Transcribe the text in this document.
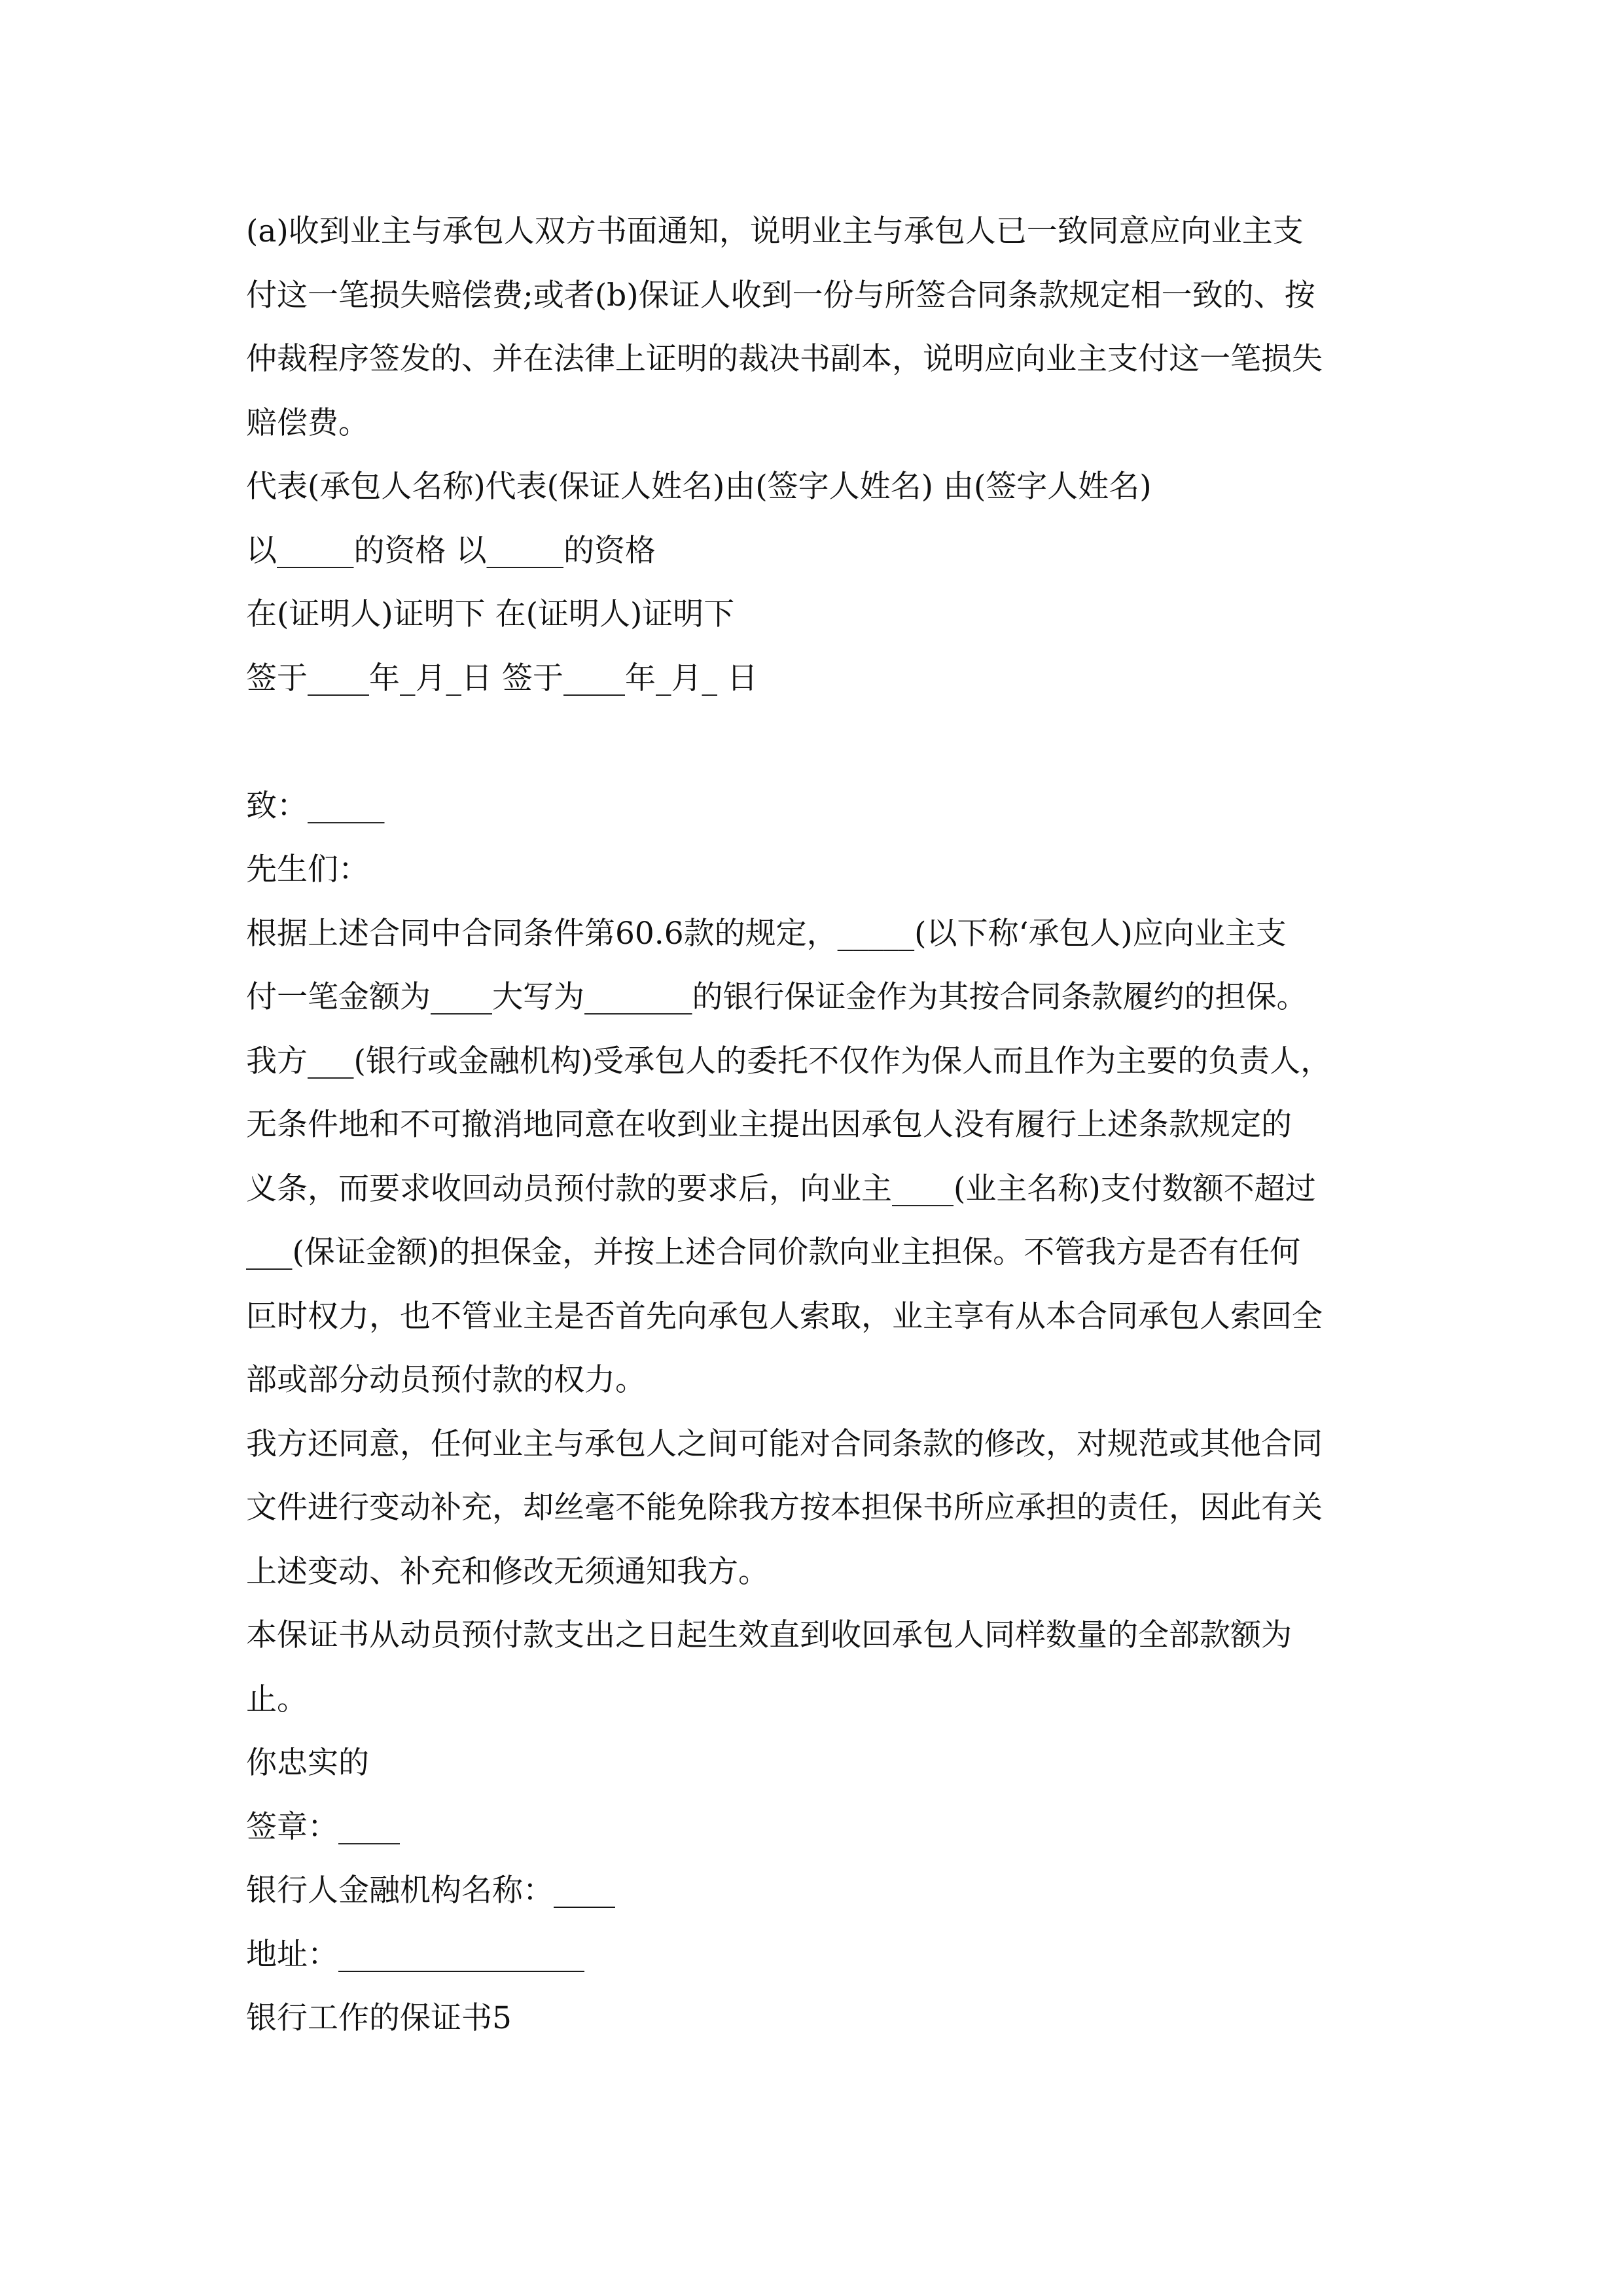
(a)收到业主与承包人双方书面通知，说明业主与承包人已一致同意应向业主支

付这一笔损失赔偿费;或者(b)保证人收到一份与所签合同条款规定相一致的、按

仲裁程序签发的、并在法律上证明的裁决书副本，说明应向业主支付这一笔损失

赔偿费。

代表(承包人名称)代表(保证人姓名)由(签字人姓名) 由(签字人姓名)

以_____的资格 以_____的资格

在(证明人)证明下 在(证明人)证明下

签于____年_月_日 签于____年_月_ 日

致：_____

先生们：

根据上述合同中合同条件第60.6款的规定，_____(以下称‘承包人)应向业主支

付一笔金额为____大写为_______的银行保证金作为其按合同条款履约的担保。

我方___(银行或金融机构)受承包人的委托不仅作为保人而且作为主要的负责人，

无条件地和不可撤消地同意在收到业主提出因承包人没有履行上述条款规定的

义条，而要求收回动员预付款的要求后，向业主____(业主名称)支付数额不超过

___(保证金额)的担保金，并按上述合同价款向业主担保。不管我方是否有任何

叵时权力，也不管业主是否首先向承包人索取，业主享有从本合同承包人索回全

部或部分动员预付款的权力。

我方还同意，任何业主与承包人之间可能对合同条款的修改，对规范或其他合同

文件进行变动补充，却丝毫不能免除我方按本担保书所应承担的责任，因此有关

上述变动、补充和修改无须通知我方。

本保证书从动员预付款支出之日起生效直到收回承包人同样数量的全部款额为

止。

你忠实的

签章：____

银行人金融机构名称：____

地址：________________

银行工作的保证书5
